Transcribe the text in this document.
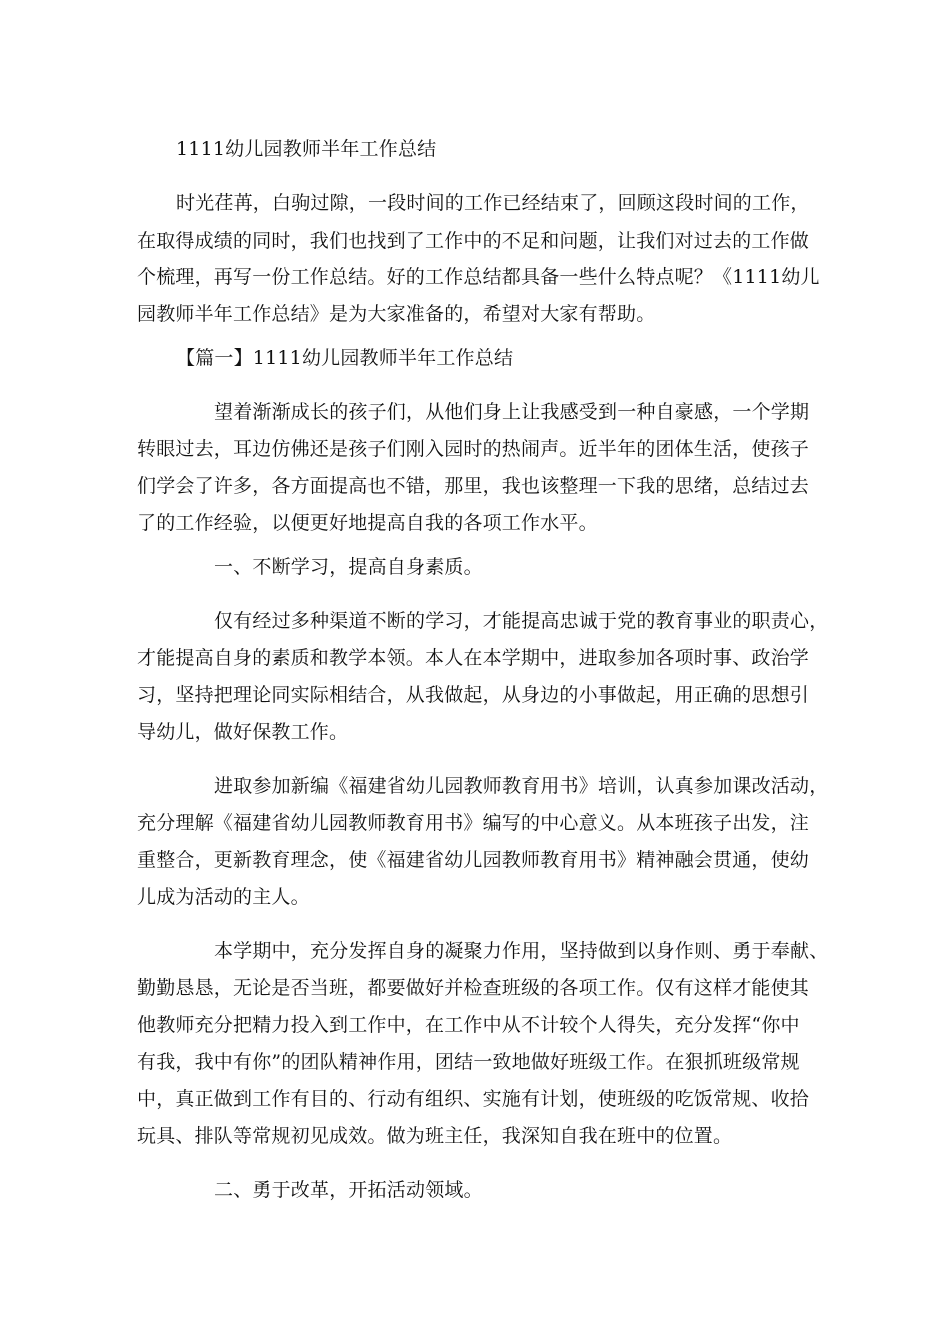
1111幼儿园教师半年工作总结
时光荏苒，白驹过隙，一段时间的工作已经结束了，回顾这段时间的工作，
在取得成绩的同时，我们也找到了工作中的不足和问题，让我们对过去的工作做
个梳理，再写一份工作总结。好的工作总结都具备一些什么特点呢？《1111幼儿
园教师半年工作总结》是为大家准备的，希望对大家有帮助。
【篇一】1111幼儿园教师半年工作总结
望着渐渐成长的孩子们，从他们身上让我感受到一种自豪感，一个学期
转眼过去，耳边仿佛还是孩子们刚入园时的热闹声。近半年的团体生活，使孩子
们学会了许多，各方面提高也不错，那里，我也该整理一下我的思绪，总结过去
了的工作经验，以便更好地提高自我的各项工作水平。
一、不断学习，提高自身素质。
仅有经过多种渠道不断的学习，才能提高忠诚于党的教育事业的职责心，
才能提高自身的素质和教学本领。本人在本学期中，进取参加各项时事、政治学
习，坚持把理论同实际相结合，从我做起，从身边的小事做起，用正确的思想引
导幼儿，做好保教工作。
进取参加新编《福建省幼儿园教师教育用书》培训，认真参加课改活动，
充分理解《福建省幼儿园教师教育用书》编写的中心意义。从本班孩子出发，注
重整合，更新教育理念，使《福建省幼儿园教师教育用书》精神融会贯通，使幼
儿成为活动的主人。
本学期中，充分发挥自身的凝聚力作用，坚持做到以身作则、勇于奉献、
勤勤恳恳，无论是否当班，都要做好并检查班级的各项工作。仅有这样才能使其
他教师充分把精力投入到工作中，在工作中从不计较个人得失，充分发挥“你中
有我，我中有你”的团队精神作用，团结一致地做好班级工作。在狠抓班级常规
中，真正做到工作有目的、行动有组织、实施有计划，使班级的吃饭常规、收拾
玩具、排队等常规初见成效。做为班主任，我深知自我在班中的位置。
二、勇于改革，开拓活动领域。
